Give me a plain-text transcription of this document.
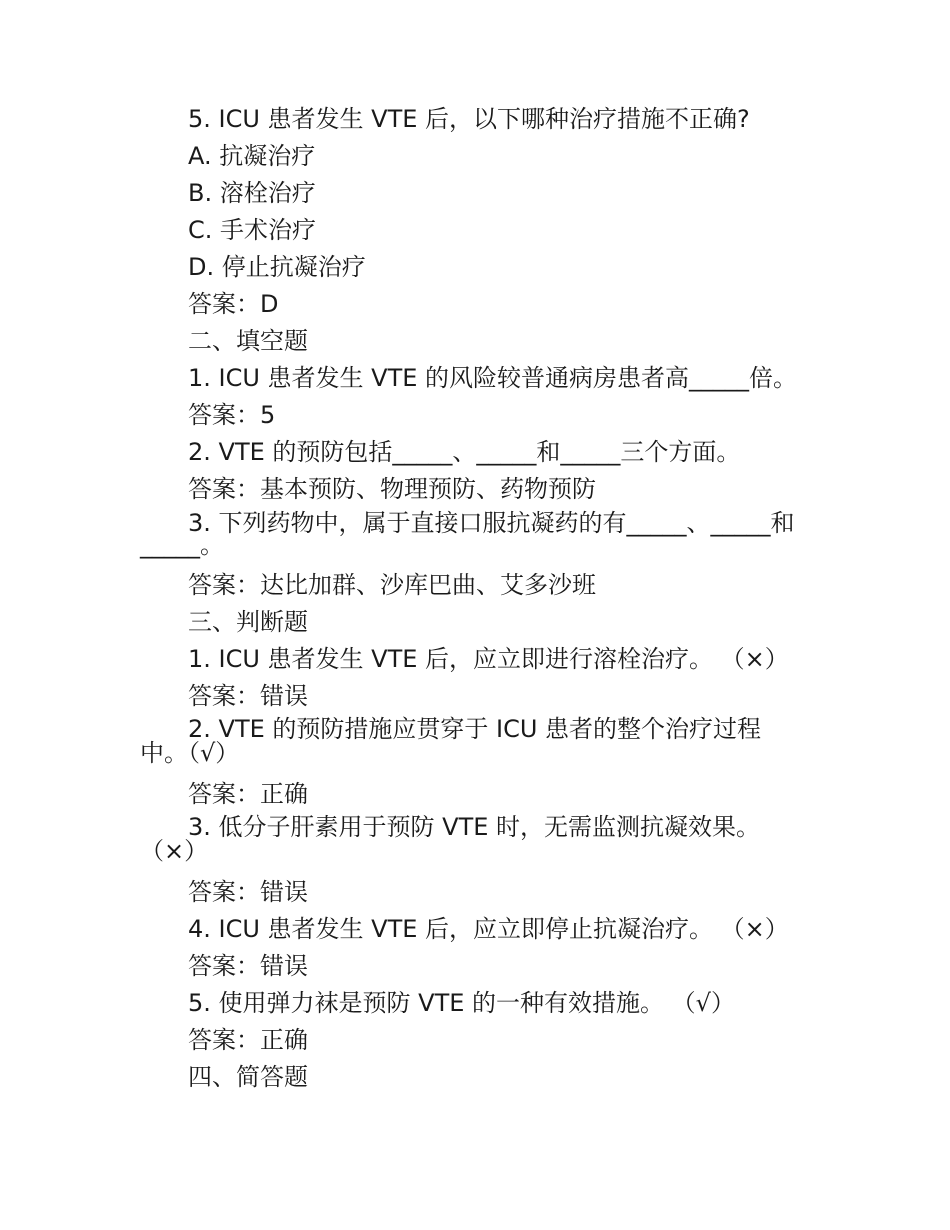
5. ICU 患者发生 VTE 后，以下哪种治疗措施不正确?
A. 抗凝治疗
B. 溶栓治疗
C. 手术治疗
D. 停止抗凝治疗
答案：D
二、填空题
1. ICU 患者发生 VTE 的风险较普通病房患者高_____倍。
答案：5
2. VTE 的预防包括_____、_____和_____三个方面。
答案：基本预防、物理预防、药物预防
3. 下列药物中，属于直接口服抗凝药的有_____、_____和_____。
答案：达比加群、沙库巴曲、艾多沙班
三、判断题
1. ICU 患者发生 VTE 后，应立即进行溶栓治疗。 （×）
答案：错误
2. VTE 的预防措施应贯穿于 ICU 患者的整个治疗过程中。（√）
答案：正确
3. 低分子肝素用于预防 VTE 时，无需监测抗凝效果。 （×）
答案：错误
4. ICU 患者发生 VTE 后，应立即停止抗凝治疗。 （×）
答案：错误
5. 使用弹力袜是预防 VTE 的一种有效措施。 （√）
答案：正确
四、简答题
